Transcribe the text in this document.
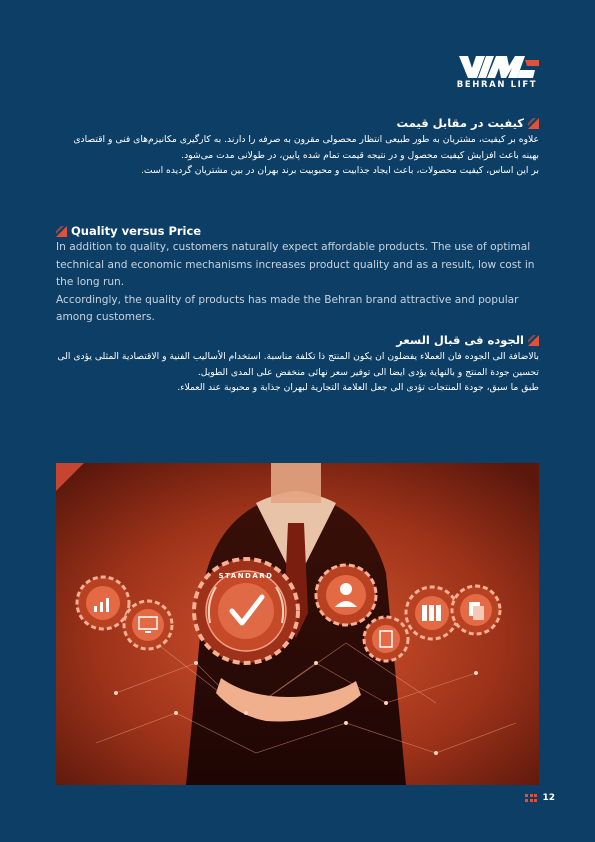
BEHRAN LIFT
کیفیت در مقابل قیمت

علاوه بر کیفیت، مشتریان به طور طبیعی انتظار محصولی مقرون به صرفه را دارند. به کارگیری مکانیزم‌های فنی و اقتصادی بهینه باعث افزایش کیفیت محصول و در نتیجه قیمت تمام شده پایین، در طولانی مدت می‌شود.

بر این اساس، کیفیت محصولات، باعث ایجاد جذابیت و محبوبیت برند بهران در بین مشتریان گردیده است.

Quality versus Price

In addition to quality, customers naturally expect affordable products. The use of optimal technical and economic mechanisms increases product quality and as a result, low cost in the long run.

Accordingly, the quality of products has made the Behran brand attractive and popular among customers.

الجوده فی قبال السعر

بالاضافة الی الجوده فان العملاء یفضلون ان یکون المنتج ذا تکلفة مناسبة. استخدام الأسالیب الفنیة و الاقتصادیة المثلی یؤدی الی تحسین جودة المنتج و بالنهایة یؤدی ایضا الی توفیر سعر نهائی منخفض علی المدی الطویل.

طبق ما سبق، جودة المنتجات تؤدی الی جعل العلامة التجاریة لبهران جذابة و محبوبة عند العملاء.

STANDARD
12
